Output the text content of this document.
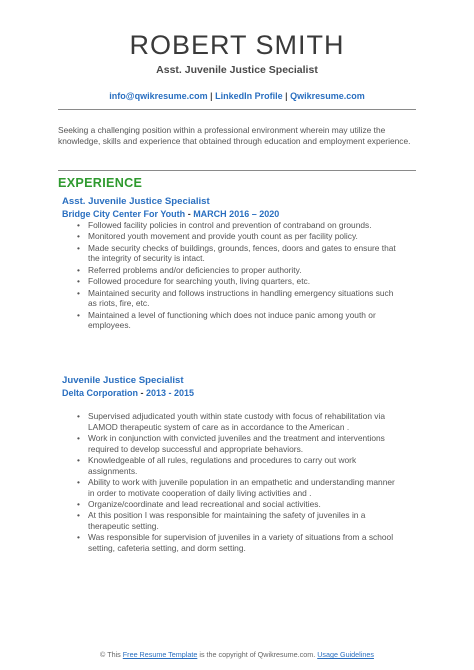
ROBERT SMITH
Asst. Juvenile Justice Specialist
info@qwikresume.com | LinkedIn Profile | Qwikresume.com
Seeking a challenging position within a professional environment wherein may utilize the knowledge, skills and experience that obtained through education and employment experience.
EXPERIENCE
Asst. Juvenile Justice Specialist
Bridge City Center For Youth - MARCH 2016 – 2020
• Followed facility policies in control and prevention of contraband on grounds.
• Monitored youth movement and provide youth count as per facility policy.
• Made security checks of buildings, grounds, fences, doors and gates to ensure that the integrity of security is intact.
• Referred problems and/or deficiencies to proper authority.
• Followed procedure for searching youth, living quarters, etc.
• Maintained security and follows instructions in handling emergency situations such as riots, fire, etc.
• Maintained a level of functioning which does not induce panic among youth or employees.
Juvenile Justice Specialist
Delta Corporation - 2013 - 2015
• Supervised adjudicated youth within state custody with focus of rehabilitation via LAMOD therapeutic system of care as in accordance to the American .
• Work in conjunction with convicted juveniles and the treatment and interventions required to develop successful and appropriate behaviors.
• Knowledgeable of all rules, regulations and procedures to carry out work assignments.
• Ability to work with juvenile population in an empathetic and understanding manner in order to motivate cooperation of daily living activities and .
• Organize/coordinate and lead recreational and social activities.
• At this position I was responsible for maintaining the safety of juveniles in a therapeutic setting.
• Was responsible for supervision of juveniles in a variety of situations from a school setting, cafeteria setting, and dorm setting.
© This Free Resume Template is the copyright of Qwikresume.com. Usage Guidelines
